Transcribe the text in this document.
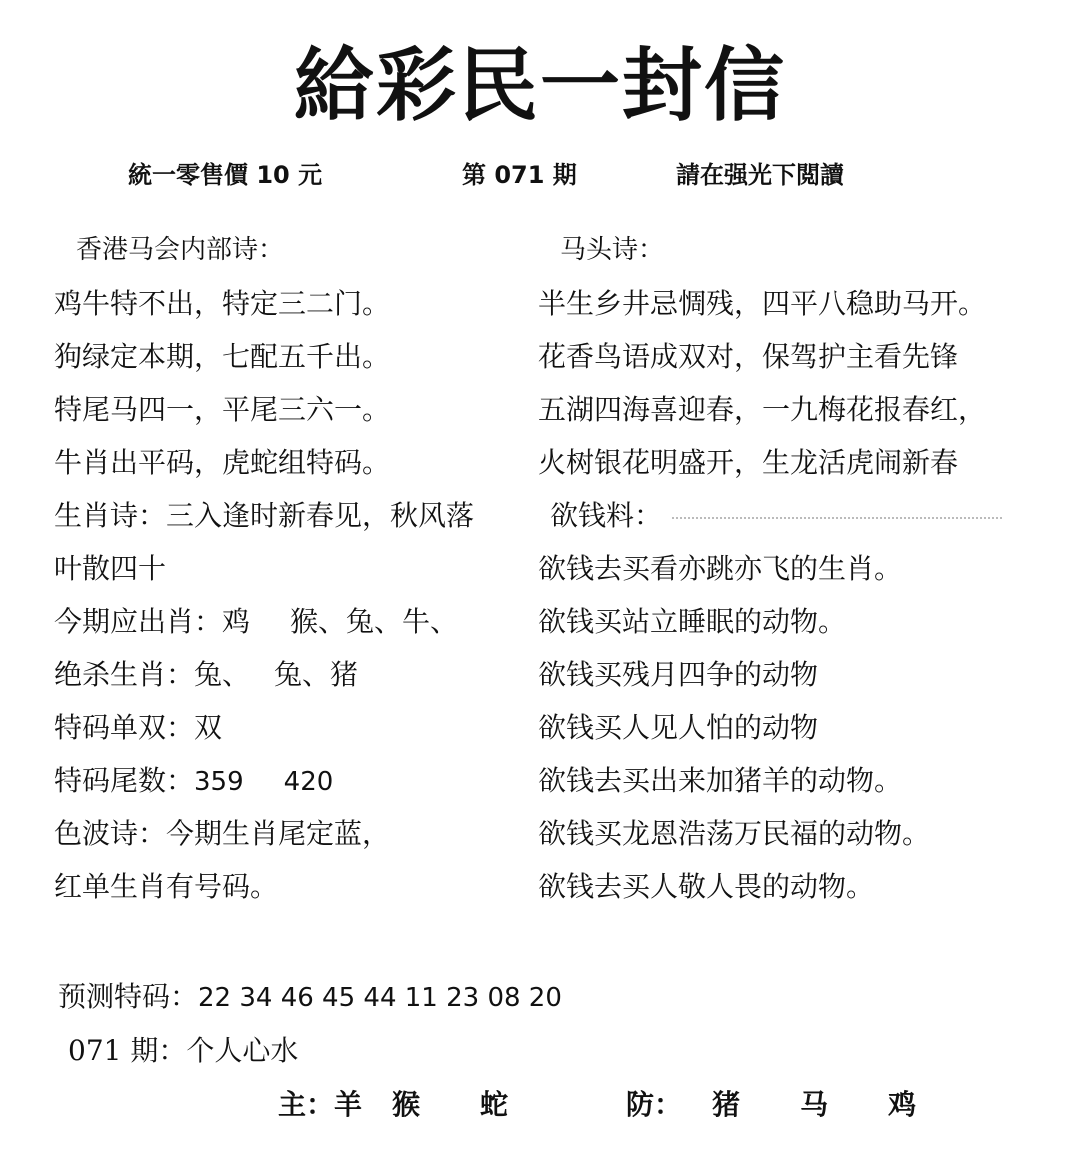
給彩民一封信
統一零售價 10 元	第 071 期	請在强光下閲讀
香港马会内部诗：
鸡牛特不出，特定三二门。
狗绿定本期，七配五千出。
特尾马四一，平尾三六一。
牛肖出平码，虎蛇组特码。
生肖诗：三入逢时新春见，秋风落
叶散四十
今期应出肖：鸡 猴、兔、牛、
绝杀生肖：兔、 兔、猪
特码单双：双
特码尾数：359 420
色波诗：今期生肖尾定蓝，
红单生肖有号码。
马头诗：
半生乡井忌惆残，四平八稳助马开。
花香鸟语成双对，保驾护主看先锋
五湖四海喜迎春，一九梅花报春红，
火树银花明盛开，生龙活虎闹新春
欲钱料：
欲钱去买看亦跳亦飞的生肖。
欲钱买站立睡眠的动物。
欲钱买残月四争的动物
欲钱买人见人怕的动物
欲钱去买出来加猪羊的动物。
欲钱买龙恩浩荡万民福的动物。
欲钱去买人敬人畏的动物。
预测特码：22 34 46 45 44 11 23 08 20
071 期：个人心水
主：羊 猴 蛇	防： 猪 马 鸡
